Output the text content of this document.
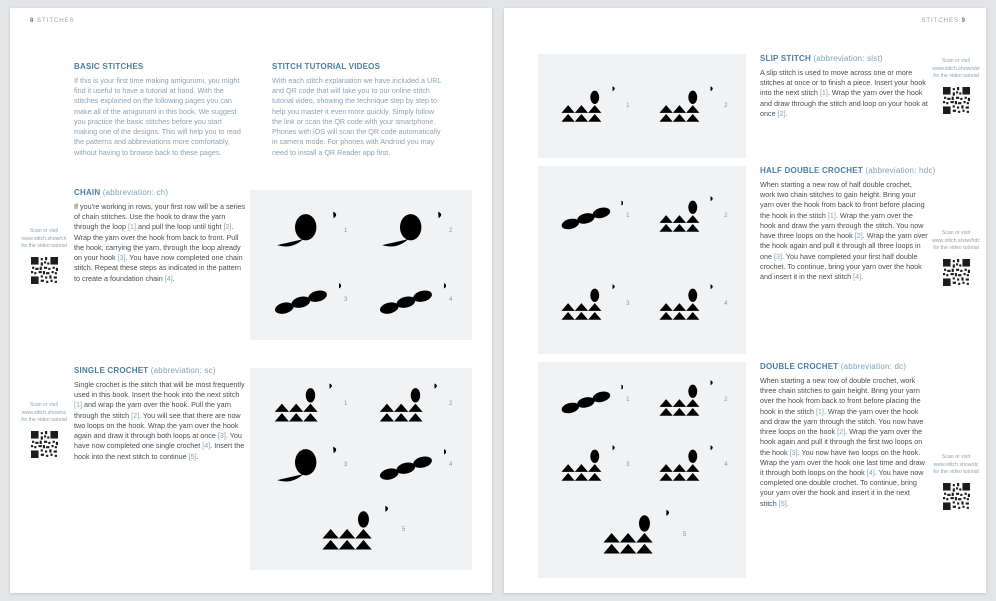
8 STITCHES
BASIC STITCHES

If this is your first time making amigurumi, you might find it useful to have a tutorial at hand. With the stitches explained on the following pages you can make all of the amigurumi in this book. We suggest you practice the basic stitches before you start making one of the designs. This will help you to read the patterns and abbreviations more comfortably, without having to browse back to these pages.

STITCH TUTORIAL VIDEOS

With each stitch explanation we have included a URL and QR code that will take you to our online stitch tutorial video, showing the technique step by step to help you master it even more quickly. Simply follow the link or scan the QR code with your smartphone. Phones with iOS will scan the QR code automatically in camera mode. For phones with Android you may need to install a QR Reader app first.

Scan or visit www.stitch.show/ch for the video tutorial
CHAIN (abbreviation: ch)

If you're working in rows, your first row will be a series of chain stitches. Use the hook to draw the yarn through the loop [1] and pull the loop until tight [2]. Wrap the yarn over the hook from back to front. Pull the hook, carrying the yarn, through the loop already on your hook [3]. You have now completed one chain stitch. Repeat these steps as indicated in the pattern to create a foundation chain [4].

1	2
3	4
Scan or visit www.stitch.show/sc for the video tutorial
SINGLE CROCHET (abbreviation: sc)

Single crochet is the stitch that will be most frequently used in this book. Insert the hook into the next stitch [1] and wrap the yarn over the hook. Pull the yarn through the stitch [2]. You will see that there are now two loops on the hook. Wrap the yarn over the hook again and draw it through both loops at once [3]. You have now completed one single crochet [4]. Insert the hook into the next stitch to continue [5].

1	2
3	4
5
STITCHES 9
1	2
SLIP STITCH (abbreviation: slst)

A slip stitch is used to move across one or more stitches at once or to finish a piece. Insert your hook into the next stitch [1]. Wrap the yarn over the hook and draw through the stitch and loop on your hook at once [2].

Scan or visit www.stitch.show/slst for the video tutorial
1	2
3	4
HALF DOUBLE CROCHET (abbreviation: hdc)

When starting a new row of half double crochet, work two chain stitches to gain height. Bring your yarn over the hook from back to front before placing the hook in the stitch [1]. Wrap the yarn over the hook and draw the yarn through the stitch. You now have three loops on the hook [2]. Wrap the yarn over the hook again and pull it through all three loops in one [3]. You have completed your first half double crochet. To continue, bring your yarn over the hook and insert it in the next stitch [4].

Scan or visit www.stitch.show/hdc for the video tutorial
1	2
3	4
5
DOUBLE CROCHET (abbreviation: dc)

When starting a new row of double crochet, work three chain stitches to gain height. Bring your yarn over the hook from back to front before placing the hook in the stitch [1]. Wrap the yarn over the hook and draw the yarn through the stitch. You now have three loops on the hook [2]. Wrap the yarn over the hook again and pull it through the first two loops on the hook [3]. You now have two loops on the hook. Wrap the yarn over the hook one last time and draw it through both loops on the hook [4]. You have now completed one double crochet. To continue, bring your yarn over the hook and insert it in the next stitch [5].

Scan or visit www.stitch.show/dc for the video tutorial
